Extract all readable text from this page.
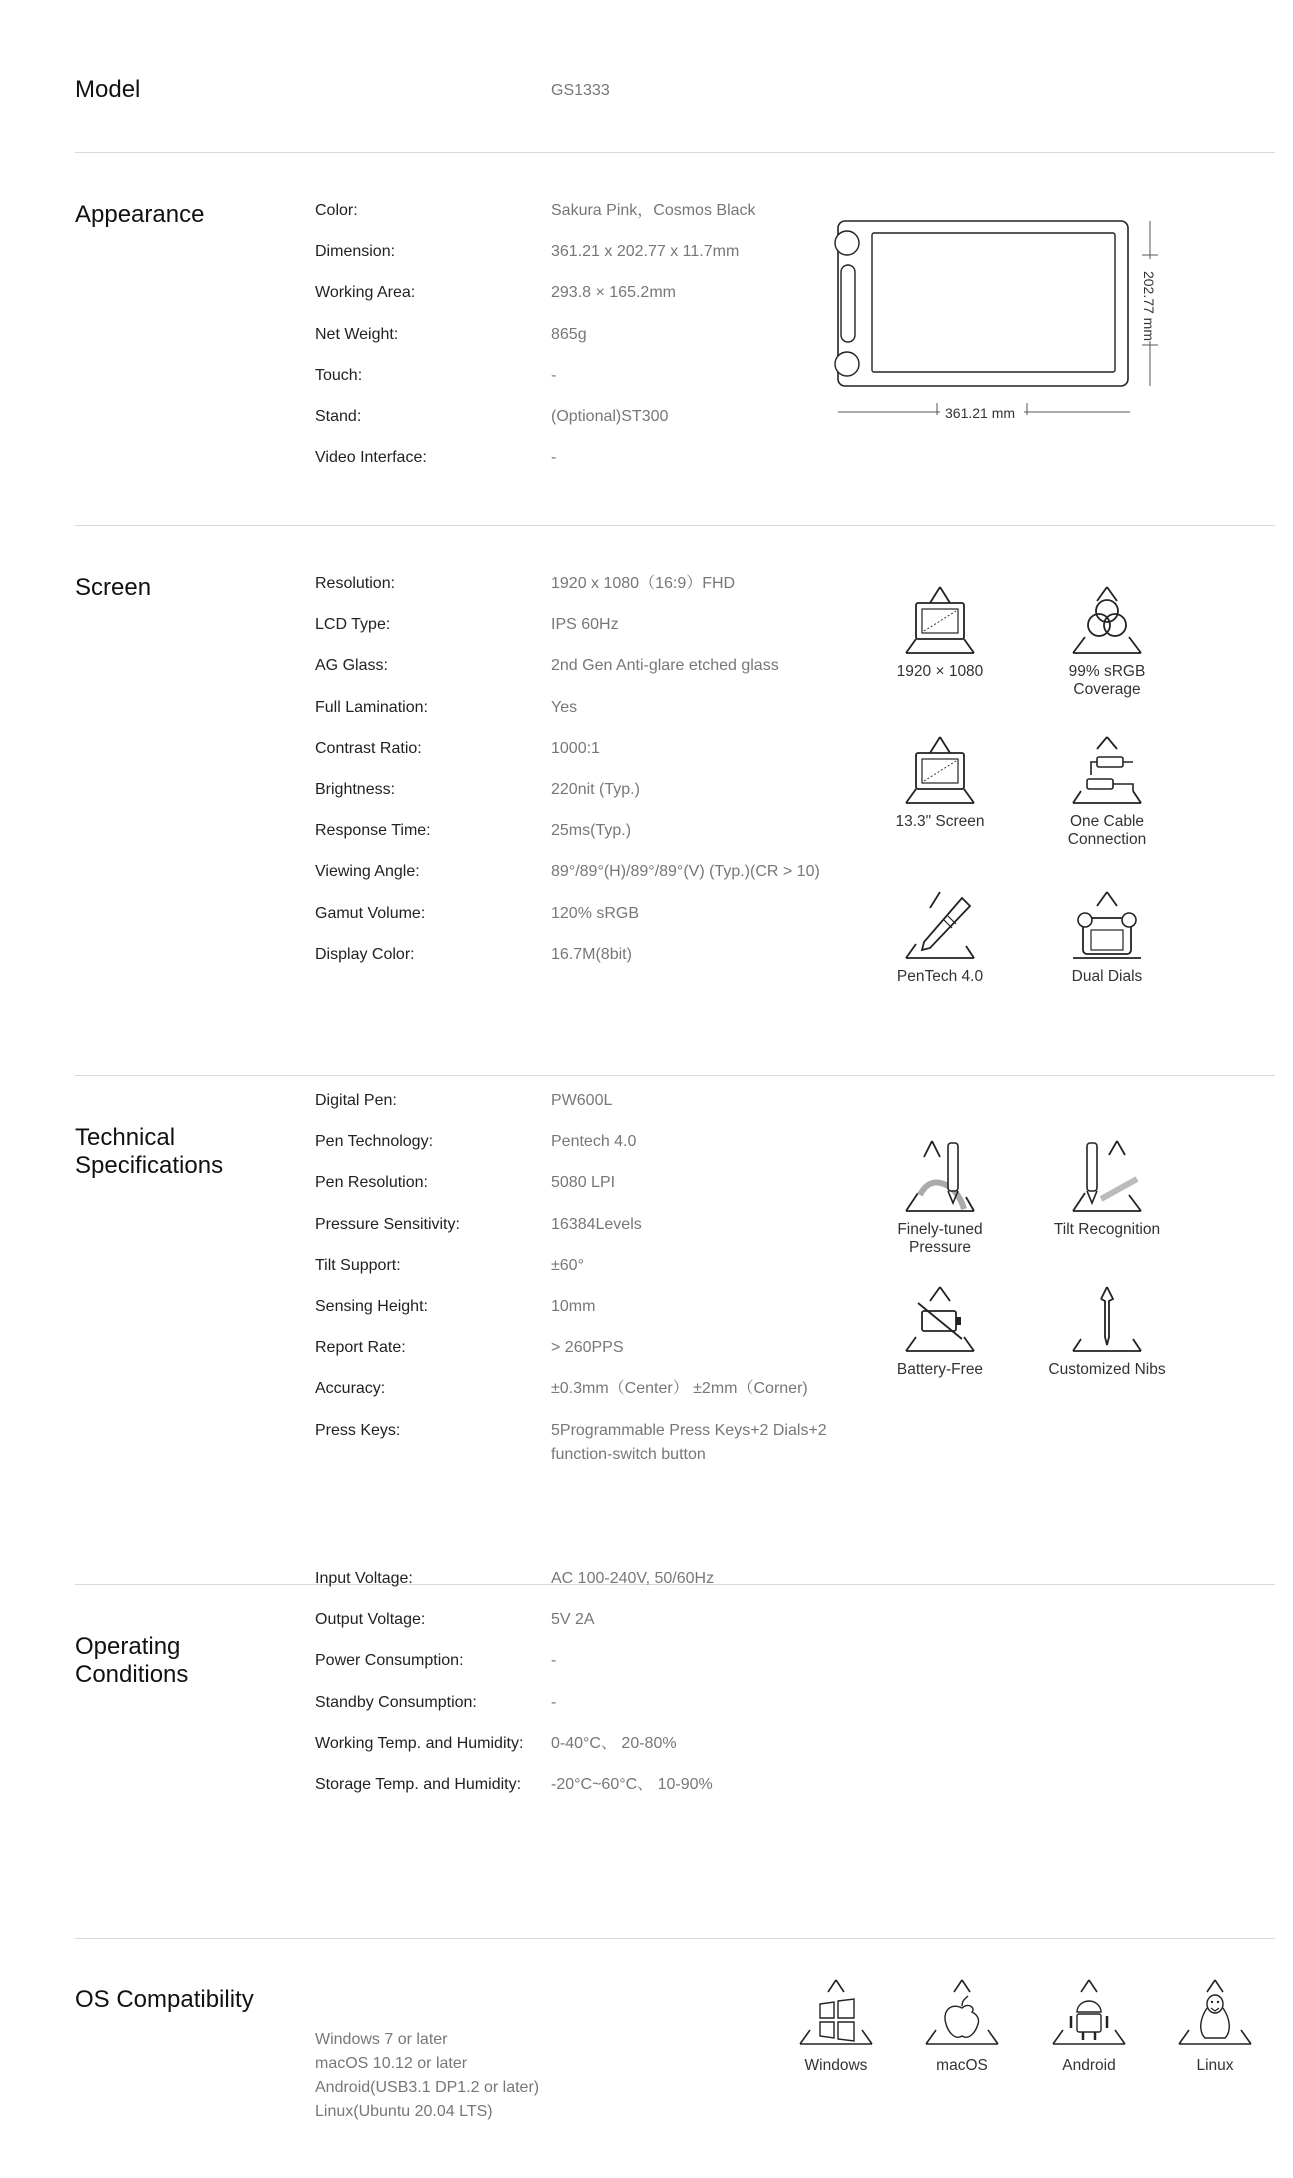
Model	GS1333
Appearance	Color:	Sakura Pink，Cosmos Black
Dimension:	361.21 x 202.77 x 11.7mm
Working Area:	293.8 × 165.2mm
Net Weight:	865g
Touch:	-
Stand:	(Optional)ST300
Video Interface:	-
361.21 mm
202.77 mm
Screen	Resolution:	1920 x 1080（16:9）FHD
LCD Type:	IPS 60Hz
AG Glass:	2nd Gen Anti-glare etched glass
Full Lamination:	Yes
Contrast Ratio:	1000:1
Brightness:	220nit (Typ.)
Response Time:	25ms(Typ.)
Viewing Angle:	89°/89°(H)/89°/89°(V) (Typ.)(CR > 10)
Gamut Volume:	120% sRGB
Display Color:	16.7M(8bit)
1920 × 1080	99% sRGB
Coverage
13.3" Screen	One Cable
Connection
PenTech 4.0	Dual Dials
Technical
Specifications
Digital Pen:	PW600L
Pen Technology:	Pentech 4.0
Pen Resolution:	5080 LPI
Pressure Sensitivity:	16384Levels
Tilt Support:	±60°
Sensing Height:	10mm
Report Rate:	> 260PPS
Accuracy:	±0.3mm（Center） ±2mm（Corner)
Press Keys:	5Programmable Press Keys+2 Dials+2
function-switch button
Finely-tuned
Pressure
Tilt Recognition
Battery-Free	Customized Nibs
Operating
Conditions
Input Voltage:	AC 100-240V, 50/60Hz
Output Voltage:	5V 2A
Power Consumption:	-
Standby Consumption:	-
Working Temp. and Humidity: 0-40°C、 20-80%
Storage Temp. and Humidity: -20°C~60°C、 10-90%
OS Compatibility
Windows 7 or later
macOS 10.12 or later
Android(USB3.1 DP1.2 or later)
Linux(Ubuntu 20.04 LTS)
Windows	macOS	Android	Linux
